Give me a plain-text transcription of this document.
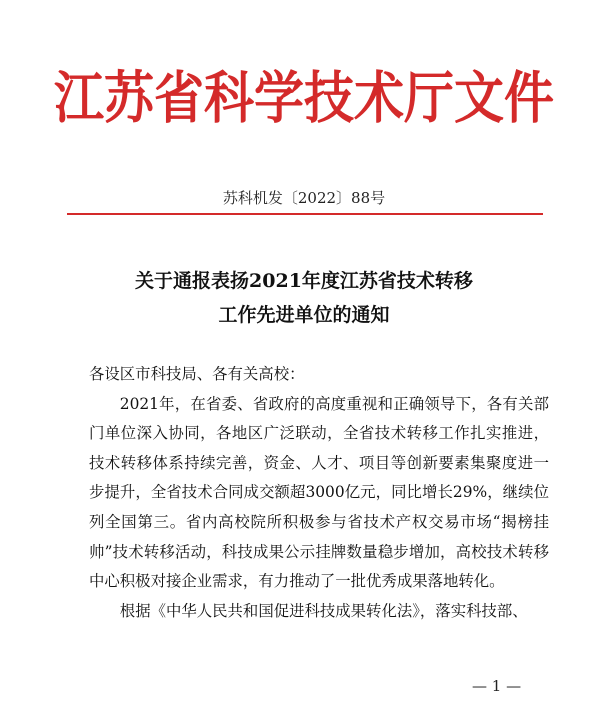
江苏省科学技术厅文件
苏科机发〔2022〕88号
关于通报表扬2021年度江苏省技术转移
工作先进单位的通知

各设区市科技局、各有关高校：

2021年，在省委、省政府的高度重视和正确领导下，各有关部门单位深入协同，各地区广泛联动，全省技术转移工作扎实推进，技术转移体系持续完善，资金、人才、项目等创新要素集聚度进一步提升，全省技术合同成交额超3000亿元，同比增长29%，继续位列全国第三。省内高校院所积极参与省技术产权交易市场“揭榜挂帅”技术转移活动，科技成果公示挂牌数量稳步增加，高校技术转移中心积极对接企业需求，有力推动了一批优秀成果落地转化。

根据《中华人民共和国促进科技成果转化法》，落实科技部、

— 1 —
